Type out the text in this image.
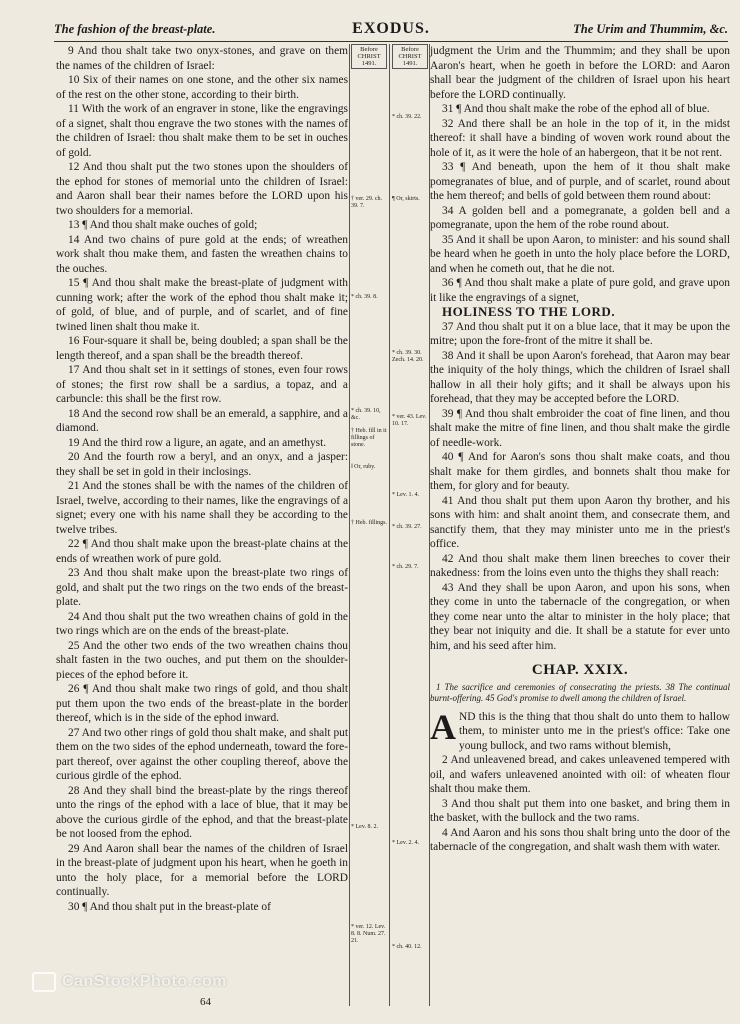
The fashion of the breast-plate.	EXODUS.	The Urim and Thummim, &c.

9 And thou shalt take two onyx-stones, and grave on them the names of the children of Israel:

10 Six of their names on one stone, and the other six names of the rest on the other stone, according to their birth.

11 With the work of an engraver in stone, like the engravings of a signet, shalt thou engrave the two stones with the names of the children of Israel: thou shalt make them to be set in ouches of gold.

12 And thou shalt put the two stones upon the shoulders of the ephod for stones of memorial unto the children of Israel: and Aaron shall bear their names before the LORD upon his two shoulders for a memorial.

13 ¶ And thou shalt make ouches of gold;

14 And two chains of pure gold at the ends; of wreathen work shalt thou make them, and fasten the wreathen chains to the ouches.

15 ¶ And thou shalt make the breast-plate of judgment with cunning work; after the work of the ephod thou shalt make it; of gold, of blue, and of purple, and of scarlet, and of fine twined linen shalt thou make it.

16 Four-square it shall be, being doubled; a span shall be the length thereof, and a span shall be the breadth thereof.

17 And thou shalt set in it settings of stones, even four rows of stones; the first row shall be a sardius, a topaz, and a carbuncle: this shall be the first row.

18 And the second row shall be an emerald, a sapphire, and a diamond.

19 And the third row a ligure, an agate, and an amethyst.

20 And the fourth row a beryl, and an onyx, and a jasper: they shall be set in gold in their inclosings.

21 And the stones shall be with the names of the children of Israel, twelve, according to their names, like the engravings of a signet; every one with his name shall they be according to the twelve tribes.

22 ¶ And thou shalt make upon the breast-plate chains at the ends of wreathen work of pure gold.

23 And thou shalt make upon the breast-plate two rings of gold, and shalt put the two rings on the two ends of the breast-plate.

24 And thou shalt put the two wreathen chains of gold in the two rings which are on the ends of the breast-plate.

25 And the other two ends of the two wreathen chains thou shalt fasten in the two ouches, and put them on the shoulder-pieces of the ephod before it.

26 ¶ And thou shalt make two rings of gold, and thou shalt put them upon the two ends of the breast-plate in the border thereof, which is in the side of the ephod inward.

27 And two other rings of gold thou shalt make, and shalt put them on the two sides of the ephod underneath, toward the fore-part thereof, over against the other coupling thereof, above the curious girdle of the ephod.

28 And they shall bind the breast-plate by the rings thereof unto the rings of the ephod with a lace of blue, that it may be above the curious girdle of the ephod, and that the breast-plate be not loosed from the ephod.

29 And Aaron shall bear the names of the children of Israel in the breast-plate of judgment upon his heart, when he goeth in unto the holy place, for a memorial before the LORD continually.

30 ¶ And thou shalt put in the breast-plate of

Before CHRIST 1491.
† ver. 29. ch. 39. 7.
* ch. 39. 8.
* ch. 39. 10, &c.
† Heb. fill in it fillings of stone.
‖ Or, ruby.
† Heb. fillings.
* Lev. 8. 2.
* ver. 12. Lev. 8. 8. Num. 27. 21.
Before CHRIST 1491.
* ch. 39. 22.
¶ Or, skirts.
* ch. 39. 30. Zech. 14. 20.
* ver. 43. Lev. 10. 17.
* Lev. 1. 4.
* ch. 39. 27.
* ch. 29. 7.
* Lev. 2. 4.
* ch. 40. 12.

judgment the Urim and the Thummim; and they shall be upon Aaron's heart, when he goeth in before the LORD: and Aaron shall bear the judgment of the children of Israel upon his heart before the LORD continually.

31 ¶ And thou shalt make the robe of the ephod all of blue.

32 And there shall be an hole in the top of it, in the midst thereof: it shall have a binding of woven work round about the hole of it, as it were the hole of an habergeon, that it be not rent.

33 ¶ And beneath, upon the hem of it thou shalt make pomegranates of blue, and of purple, and of scarlet, round about the hem thereof; and bells of gold between them round about:

34 A golden bell and a pomegranate, a golden bell and a pomegranate, upon the hem of the robe round about.

35 And it shall be upon Aaron, to minister: and his sound shall be heard when he goeth in unto the holy place before the LORD, and when he cometh out, that he die not.

36 ¶ And thou shalt make a plate of pure gold, and grave upon it like the engravings of a signet,

HOLINESS TO THE LORD.

37 And thou shalt put it on a blue lace, that it may be upon the mitre; upon the fore-front of the mitre it shall be.

38 And it shall be upon Aaron's forehead, that Aaron may bear the iniquity of the holy things, which the children of Israel shall hallow in all their holy gifts; and it shall be always upon his forehead, that they may be accepted before the LORD.

39 ¶ And thou shalt embroider the coat of fine linen, and thou shalt make the mitre of fine linen, and thou shalt make the girdle of needle-work.

40 ¶ And for Aaron's sons thou shalt make coats, and thou shalt make for them girdles, and bonnets shalt thou make for them, for glory and for beauty.

41 And thou shalt put them upon Aaron thy brother, and his sons with him: and shalt anoint them, and consecrate them, and sanctify them, that they may minister unto me in the priest's office.

42 And thou shalt make them linen breeches to cover their nakedness: from the loins even unto the thighs they shall reach:

43 And they shall be upon Aaron, and upon his sons, when they come in unto the tabernacle of the congregation, or when they come near unto the altar to minister in the holy place; that they bear not iniquity and die. It shall be a statute for ever unto him, and his seed after him.

CHAP. XXIX.
1 The sacrifice and ceremonies of consecrating the priests. 38 The continual burnt-offering. 45 God's promise to dwell among the children of Israel.

A ND this is the thing that thou shalt do unto them to hallow them, to minister unto me in the priest's office: Take one young bullock, and two rams without blemish,

2 And unleavened bread, and cakes unleavened tempered with oil, and wafers unleavened anointed with oil: of wheaten flour shalt thou make them.

3 And thou shalt put them into one basket, and bring them in the basket, with the bullock and the two rams.

4 And Aaron and his sons thou shalt bring unto the door of the tabernacle of the congregation, and shalt wash them with water.

64
CanStockPhoto.com
